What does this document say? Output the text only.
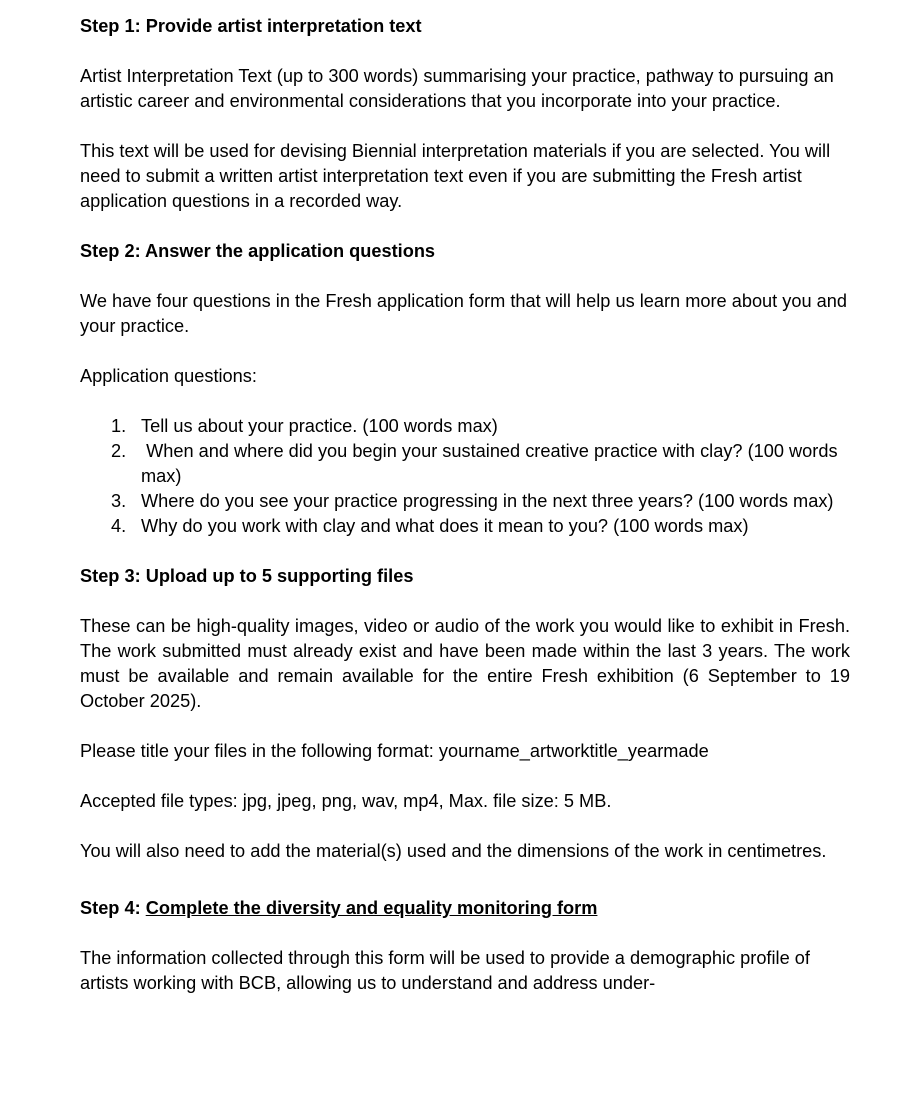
Step 1: Provide artist interpretation text

Artist Interpretation Text (up to 300 words) summarising your practice, pathway to pursuing an artistic career and environmental considerations that you incorporate into your practice.

This text will be used for devising Biennial interpretation materials if you are selected. You will need to submit a written artist interpretation text even if you are submitting the Fresh artist application questions in a recorded way.

Step 2: Answer the application questions

We have four questions in the Fresh application form that will help us learn more about you and your practice.

Application questions:

1. Tell us about your practice. (100 words max)
2. When and where did you begin your sustained creative practice with clay? (100 words max)
3. Where do you see your practice progressing in the next three years? (100 words max)
4. Why do you work with clay and what does it mean to you? (100 words max)

Step 3: Upload up to 5 supporting files

These can be high-quality images, video or audio of the work you would like to exhibit in Fresh. The work submitted must already exist and have been made within the last 3 years. The work must be available and remain available for the entire Fresh exhibition (6 September to 19 October 2025).

Please title your files in the following format: yourname_artworktitle_yearmade

Accepted file types: jpg, jpeg, png, wav, mp4, Max. file size: 5 MB.

You will also need to add the material(s) used and the dimensions of the work in centimetres.

Step 4: Complete the diversity and equality monitoring form

The information collected through this form will be used to provide a demographic profile of artists working with BCB, allowing us to understand and address under-
